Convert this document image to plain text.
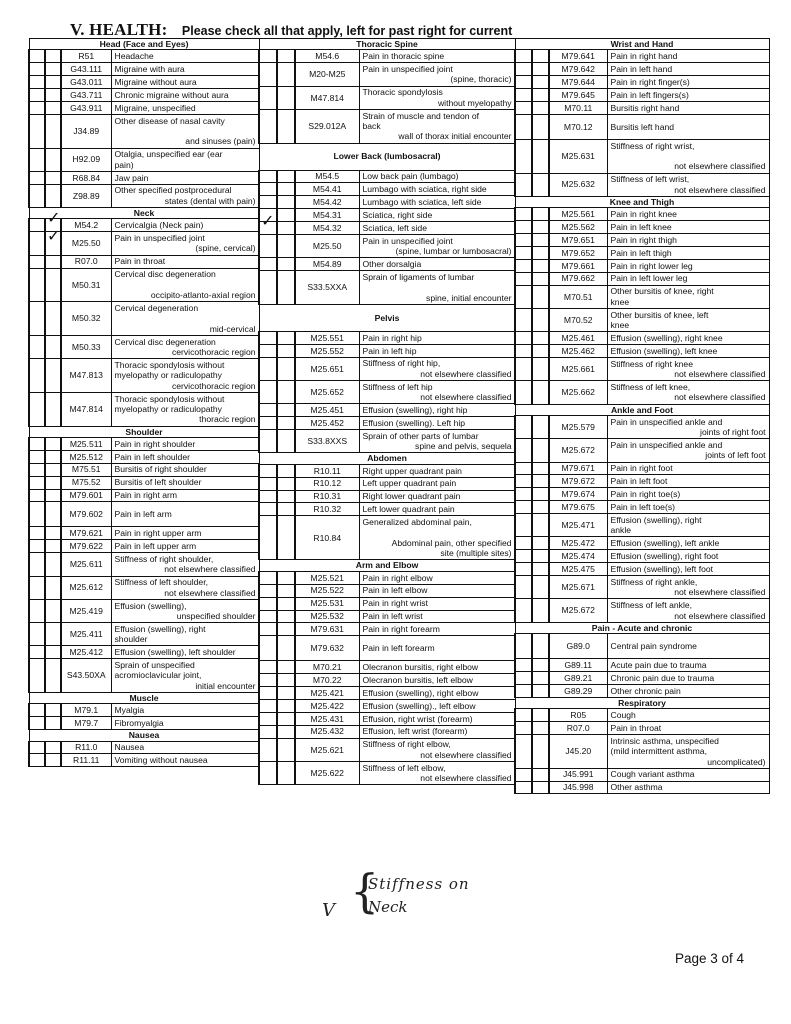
V. HEALTH: Please check all that apply, left for past right for current
Head (Face and Eyes)			
		R51	Headache

		G43.111	Migraine with aura

		G43.011	Migraine without aura

		G43.711	Chronic migraine without aura

		G43.911	Migraine, unspecified

		J34.89	Other disease of nasal cavity
and sinuses (pain)

		H92.09	Otalgia, unspecified ear (ear
pain)

		R68.84	Jaw pain

		Z98.89	Other specified postprocedural
states (dental with pain)

Neck			

	✓	M54.2	Cervicalgia (Neck pain)

	✓	M25.50	Pain in unspecified joint
(spine, cervical)

		R07.0	Pain in throat

		M50.31	Cervical disc degeneration
occipito-atlanto-axial region

		M50.32	Cervical degeneration
mid-cervical

		M50.33	Cervical disc degeneration
cervicothoracic region

		M47.813	Thoracic spondylosis without
myelopathy or radiculopathy
cervicothoracic region

		M47.814	Thoracic spondylosis without
myelopathy or radiculopathy
thoracic region

Shoulder			
		M25.511	Pain in right shoulder

		M25.512	Pain in left shoulder

		M75.51	Bursitis of right shoulder

		M75.52	Bursitis of left shoulder

		M79.601	Pain in right arm

		M79.602	Pain in left arm

		M79.621	Pain in right upper arm

		M79.622	Pain in left upper arm

		M25.611	Stiffness of right shoulder,
not elsewhere classified

		M25.612	Stiffness of left shoulder,
not elsewhere classified

		M25.419	Effusion (swelling),
unspecified shoulder

		M25.411	Effusion (swelling), right
shoulder

		M25.412	Effusion (swelling), left shoulder

		S43.50XA	Sprain of unspecified
acromioclavicular joint,
initial encounter

Muscle			
		M79.1	Myalgia

		M79.7	Fibromyalgia

Nausea			
		R11.0	Nausea

		R11.11	Vomiting without nausea
Thoracic Spine			
		M54.6	Pain in thoracic spine

		M20-M25	Pain in unspecified joint
(spine, thoracic)

		M47.814	Thoracic spondylosis
without myelopathy

		S29.012A	Strain of muscle and tendon of
back
wall of thorax initial encounter

Lower Back (lumbosacral)			
		M54.5	Low back pain (lumbago)

		M54.41	Lumbago with sciatica, right side

		M54.42	Lumbago with sciatica, left side

		M54.31	Sciatica, right side

✓		M54.32	Sciatica, left side

		M25.50	Pain in unspecified joint
(spine, lumbar or lumbosacral)

		M54.89	Other dorsalgia

		S33.5XXA	Sprain of ligaments of lumbar
spine, initial encounter

Pelvis			
		M25.551	Pain in right hip

		M25.552	Pain in left hip

		M25.651	Stiffness of right hip,
not elsewhere classified

		M25.652	Stiffness of left hip
not elsewhere classified

		M25.451	Effusion (swelling), right hip

		M25.452	Effusion (swelling). Left hip

		S33.8XXS	Sprain of other parts of lumbar
spine and pelvis, sequela

Abdomen			
		R10.11	Right upper quadrant pain

		R10.12	Left upper quadrant pain

		R10.31	Right lower quadrant pain

		R10.32	Left lower quadrant pain

		R10.84	Generalized abdominal pain,
Abdominal pain, other specified
site (multiple sites)

Arm and Elbow			
		M25.521	Pain in right elbow

		M25.522	Pain in left elbow

		M25.531	Pain in right wrist

		M25.532	Pain in left wrist

		M79.631	Pain in right forearm

		M79.632	Pain in left forearm

		M70.21	Olecranon bursitis, right elbow

		M70.22	Olecranon bursitis, left elbow

		M25.421	Effusion (swelling), right elbow

		M25.422	Effusion (swelling)., left elbow

		M25.431	Effusion, right wrist (forearm)

		M25.432	Effusion, left wrist (forearm)

		M25.621	Stiffness of right elbow,
not elsewhere classified

		M25.622	Stiffness of left elbow,
not elsewhere classified
Wrist and Hand			
		M79.641	Pain in right hand

		M79.642	Pain in left hand

		M79.644	Pain in right finger(s)

		M79.645	Pain in left fingers(s)

		M70.11	Bursitis right hand

		M70.12	Bursitis left hand

		M25.631	Stiffness of right wrist,
not elsewhere classified

		M25.632	Stiffness of left wrist,
not elsewhere classified

Knee and Thigh			
		M25.561	Pain in right knee

		M25.562	Pain in left knee

		M79.651	Pain in right thigh

		M79.652	Pain in left thigh

		M79.661	Pain in right lower leg

		M79.662	Pain in left lower leg

		M70.51	Other bursitis of knee, right
knee

		M70.52	Other bursitis of knee, left
knee

		M25.461	Effusion (swelling), right knee

		M25.462	Effusion (swelling), left knee

		M25.661	Stiffness of right knee
not elsewhere classified

		M25.662	Stiffness of left knee,
not elsewhere classified

Ankle and Foot			
		M25.579	Pain in unspecified ankle and
joints of right foot

		M25.672	Pain in unspecified ankle and
joints of left foot

		M79.671	Pain in right foot

		M79.672	Pain in left foot

		M79.674	Pain in right toe(s)

		M79.675	Pain in left toe(s)

		M25.471	Effusion (swelling), right
ankle

		M25.472	Effusion (swelling), left ankle

		M25.474	Effusion (swelling), right foot

		M25.475	Effusion (swelling), left foot

		M25.671	Stiffness of right ankle,
not elsewhere classified

		M25.672	Stiffness of left ankle,
not elsewhere classified

Pain - Acute and chronic			
		G89.0	Central pain syndrome

		G89.11	Acute pain due to trauma

		G89.21	Chronic pain due to trauma

		G89.29	Other chronic pain

Respiratory			
		R05	Cough

		R07.0	Pain in throat

		J45.20	Intrinsic asthma, unspecified
(mild intermittent asthma,
uncomplicated)

		J45.991	Cough variant asthma

		J45.998	Other asthma
V {
Stiffness on
Neck
Page 3 of 4
